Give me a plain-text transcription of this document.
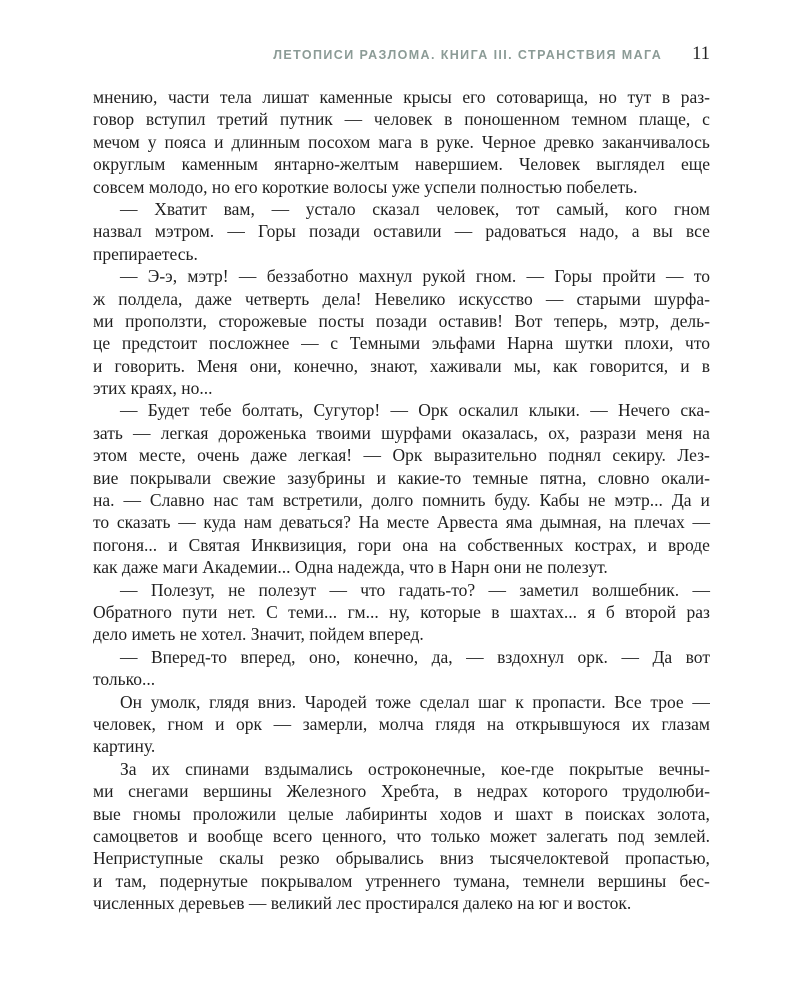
ЛЕТОПИСИ РАЗЛОМА. КНИГА III. СТРАНСТВИЯ МАГА 11
мнению, части тела лишат каменные крысы его сотоварища, но тут в раз-
говор вступил третий путник — человек в поношенном темном плаще, с
мечом у пояса и длинным посохом мага в руке. Черное древко заканчивалось
округлым каменным янтарно-желтым навершием. Человек выглядел еще
совсем молодо, но его короткие волосы уже успели полностью побелеть.
— Хватит вам, — устало сказал человек, тот самый, кого гном
назвал мэтром. — Горы позади оставили — радоваться надо, а вы все
препираетесь.
— Э-э, мэтр! — беззаботно махнул рукой гном. — Горы пройти — то
ж полдела, даже четверть дела! Невелико искусство — старыми шурфа-
ми проползти, сторожевые посты позади оставив! Вот теперь, мэтр, дель-
це предстоит посложнее — с Темными эльфами Нарна шутки плохи, что
и говорить. Меня они, конечно, знают, хаживали мы, как говорится, и в
этих краях, но...
— Будет тебе болтать, Сугутор! — Орк оскалил клыки. — Нечего ска-
зать — легкая дороженька твоими шурфами оказалась, ох, разрази меня на
этом месте, очень даже легкая! — Орк выразительно поднял секиру. Лез-
вие покрывали свежие зазубрины и какие-то темные пятна, словно окали-
на. — Славно нас там встретили, долго помнить буду. Кабы не мэтр... Да и
то сказать — куда нам деваться? На месте Арвеста яма дымная, на плечах —
погоня... и Святая Инквизиция, гори она на собственных кострах, и вроде
как даже маги Академии... Одна надежда, что в Нарн они не полезут.
— Полезут, не полезут — что гадать-то? — заметил волшебник. —
Обратного пути нет. С теми... гм... ну, которые в шахтах... я б второй раз
дело иметь не хотел. Значит, пойдем вперед.
— Вперед-то вперед, оно, конечно, да, — вздохнул орк. — Да вот
только...
Он умолк, глядя вниз. Чародей тоже сделал шаг к пропасти. Все трое —
человек, гном и орк — замерли, молча глядя на открывшуюся их глазам
картину.
За их спинами вздымались остроконечные, кое-где покрытые вечны-
ми снегами вершины Железного Хребта, в недрах которого трудолюби-
вые гномы проложили целые лабиринты ходов и шахт в поисках золота,
самоцветов и вообще всего ценного, что только может залегать под землей.
Неприступные скалы резко обрывались вниз тысячелоктевой пропастью,
и там, подернутые покрывалом утреннего тумана, темнели вершины бес-
численных деревьев — великий лес простирался далеко на юг и восток.
